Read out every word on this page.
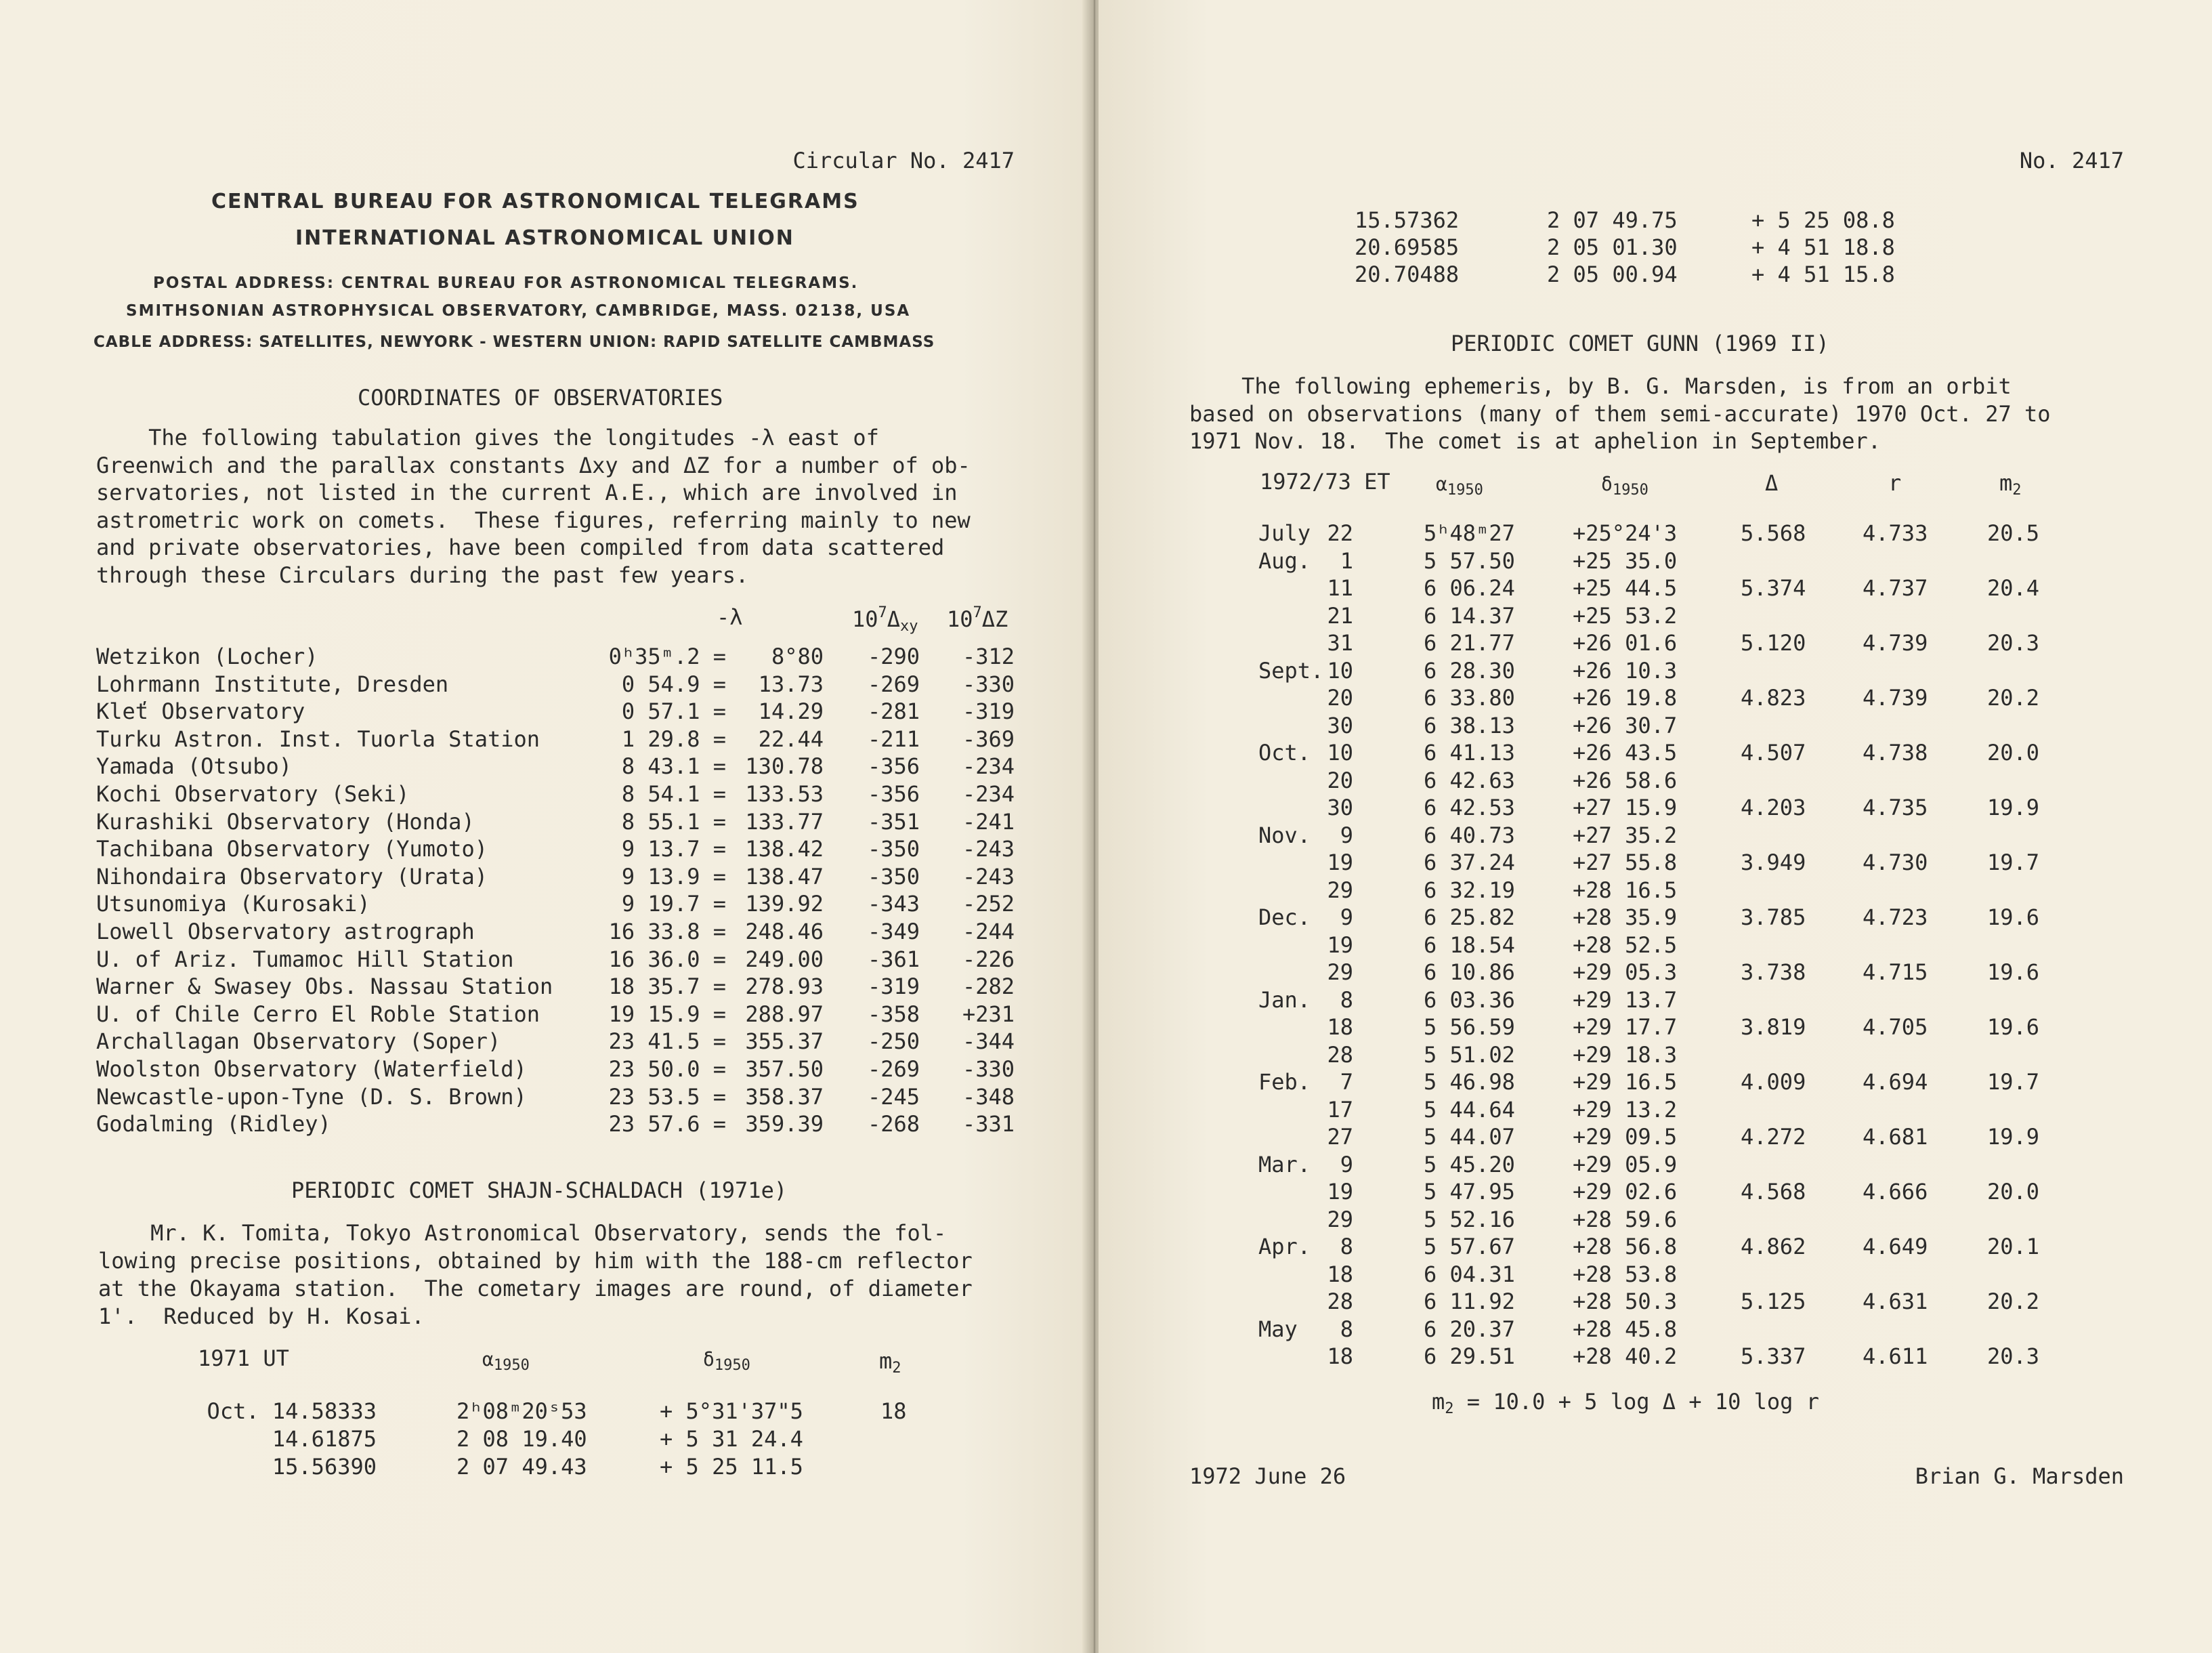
Circular No. 2417
CENTRAL BUREAU FOR ASTRONOMICAL TELEGRAMS
INTERNATIONAL ASTRONOMICAL UNION
POSTAL ADDRESS: CENTRAL BUREAU FOR ASTRONOMICAL TELEGRAMS.
SMITHSONIAN ASTROPHYSICAL OBSERVATORY, CAMBRIDGE, MASS. 02138, USA
CABLE ADDRESS: SATELLITES, NEWYORK - WESTERN UNION: RAPID SATELLITE CAMBMASS
COORDINATES OF OBSERVATORIES
The following tabulation gives the longitudes -λ east of
Greenwich and the parallax constants Δxy and ΔZ for a number of ob-
servatories, not listed in the current A.E., which are involved in
astrometric work on comets.  These figures, referring mainly to new
and private observatories, have been compiled from data scattered
through these Circulars during the past few years.
-λ	$10^7\Delta_{xy}$ $10^7\Delta Z$
Wetzikon (Locher)	0ʰ35ᵐ.2 = 8°80 -290 -312
Lohrmann Institute, Dresden	0 54.9 = 13.73 -269 -330
Kleť Observatory	0 57.1 = 14.29 -281 -319
Turku Astron. Inst. Tuorla Station	1 29.8 = 22.44 -211 -369
Yamada (Otsubo)	8 43.1 = 130.78 -356 -234
Kochi Observatory (Seki)	8 54.1 = 133.53 -356 -234
Kurashiki Observatory (Honda)	8 55.1 = 133.77 -351 -241
Tachibana Observatory (Yumoto)	9 13.7 = 138.42 -350 -243
Nihondaira Observatory (Urata)	9 13.9 = 138.47 -350 -243
Utsunomiya (Kurosaki)	9 19.7 = 139.92 -343 -252
Lowell Observatory astrograph	16 33.8 = 248.46 -349 -244
U. of Ariz. Tumamoc Hill Station	16 36.0 = 249.00 -361 -226
Warner & Swasey Obs. Nassau Station	18 35.7 = 278.93 -319 -282
U. of Chile Cerro El Roble Station	19 15.9 = 288.97 -358 +231
Archallagan Observatory (Soper)	23 41.5 = 355.37 -250 -344
Woolston Observatory (Waterfield)	23 50.0 = 357.50 -269 -330
Newcastle-upon-Tyne (D. S. Brown)	23 53.5 = 358.37 -245 -348
Godalming (Ridley)	23 57.6 = 359.39 -268 -331
PERIODIC COMET SHAJN-SCHALDACH (1971e)
Mr. K. Tomita, Tokyo Astronomical Observatory, sends the fol-
lowing precise positions, obtained by him with the 188-cm reflector
at the Okayama station.  The cometary images are round, of diameter
1'.  Reduced by H. Kosai.
1971 UT	$\alpha_{1950}$	$\delta_{1950}$	$m_2$
Oct. 14.58333	2ʰ08ᵐ20ˢ53	+ 5°31'37"5	18
14.61875	2 08 19.40	+ 5 31 24.4
15.56390	2 07 49.43	+ 5 25 11.5
No. 2417
15.57362	2 07 49.75	+ 5 25 08.8
20.69585	2 05 01.30	+ 4 51 18.8
20.70488	2 05 00.94	+ 4 51 15.8
PERIODIC COMET GUNN (1969 II)
The following ephemeris, by B. G. Marsden, is from an orbit
based on observations (many of them semi-accurate) 1970 Oct. 27 to
1971 Nov. 18.  The comet is at aphelion in September.
1972/73 ET $\alpha_{1950}$	$\delta_{1950}$	Δ	r	$m_2$
July 22	5ʰ48ᵐ27	+25°24'3	5.568	4.733	20.5
Aug. 1	5 57.50	+25 35.0
11	6 06.24	+25 44.5	5.374	4.737	20.4
21	6 14.37	+25 53.2
31	6 21.77	+26 01.6	5.120	4.739	20.3
Sept. 10	6 28.30	+26 10.3
20	6 33.80	+26 19.8	4.823	4.739	20.2
30	6 38.13	+26 30.7
Oct. 10	6 41.13	+26 43.5	4.507	4.738	20.0
20	6 42.63	+26 58.6
30	6 42.53	+27 15.9	4.203	4.735	19.9
Nov. 9	6 40.73	+27 35.2
19	6 37.24	+27 55.8	3.949	4.730	19.7
29	6 32.19	+28 16.5
Dec. 9	6 25.82	+28 35.9	3.785	4.723	19.6
19	6 18.54	+28 52.5
29	6 10.86	+29 05.3	3.738	4.715	19.6
Jan. 8	6 03.36	+29 13.7
18	5 56.59	+29 17.7	3.819	4.705	19.6
28	5 51.02	+29 18.3
Feb. 7	5 46.98	+29 16.5	4.009	4.694	19.7
17	5 44.64	+29 13.2
27	5 44.07	+29 09.5	4.272	4.681	19.9
Mar. 9	5 45.20	+29 05.9
19	5 47.95	+29 02.6	4.568	4.666	20.0
29	5 52.16	+28 59.6
Apr. 8	5 57.67	+28 56.8	4.862	4.649	20.1
18	6 04.31	+28 53.8
28	6 11.92	+28 50.3	5.125	4.631	20.2
May 8	6 20.37	+28 45.8
18	6 29.51	+28 40.2	5.337	4.611	20.3
$m_2 = 10.0 + 5$ log Δ + 10 log r
1972 June 26	Brian G. Marsden
